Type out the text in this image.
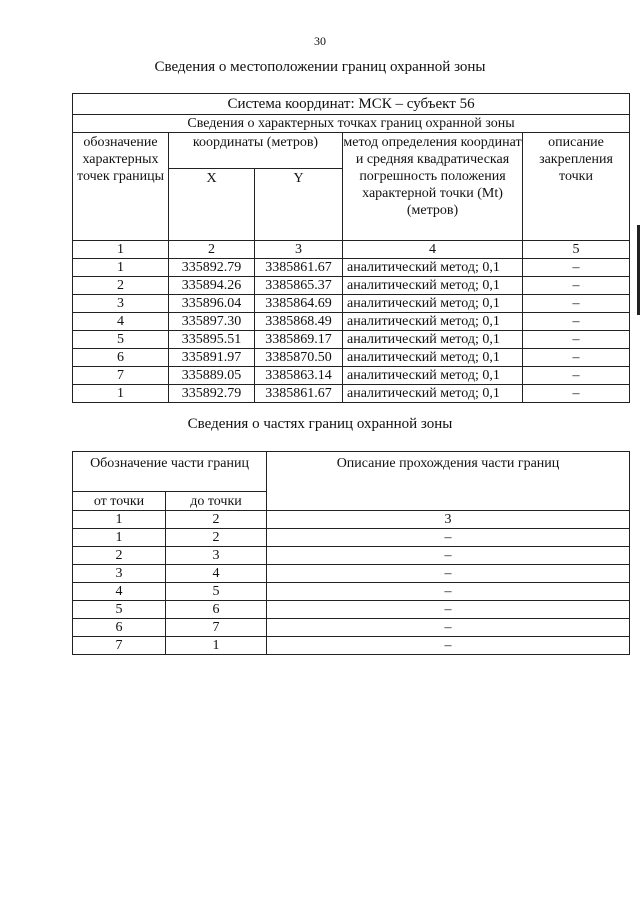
30
Сведения о местоположении границ охранной зоны
Система координат: МСК – субъект 56				
Сведения о характерных точках границ охранной зоны				
обозначение характерных точек границы	координаты (метров)		метод определения координат и средняя квадратическая погрешность положения характерной точки (Mt) (метров)	описание закрепления точки
	X	Y		
1	2	3	4	5
1	335892.79	3385861.67	аналитический метод; 0,1	–
2	335894.26	3385865.37	аналитический метод; 0,1	–
3	335896.04	3385864.69	аналитический метод; 0,1	–
4	335897.30	3385868.49	аналитический метод; 0,1	–
5	335895.51	3385869.17	аналитический метод; 0,1	–
6	335891.97	3385870.50	аналитический метод; 0,1	–
7	335889.05	3385863.14	аналитический метод; 0,1	–
1	335892.79	3385861.67	аналитический метод; 0,1	–
Сведения о частях границ охранной зоны
Обозначение части границ		Описание прохождения части границ
от точки	до точки	
1	2	3
1	2	–
2	3	–
3	4	–
4	5	–
5	6	–
6	7	–
7	1	–
